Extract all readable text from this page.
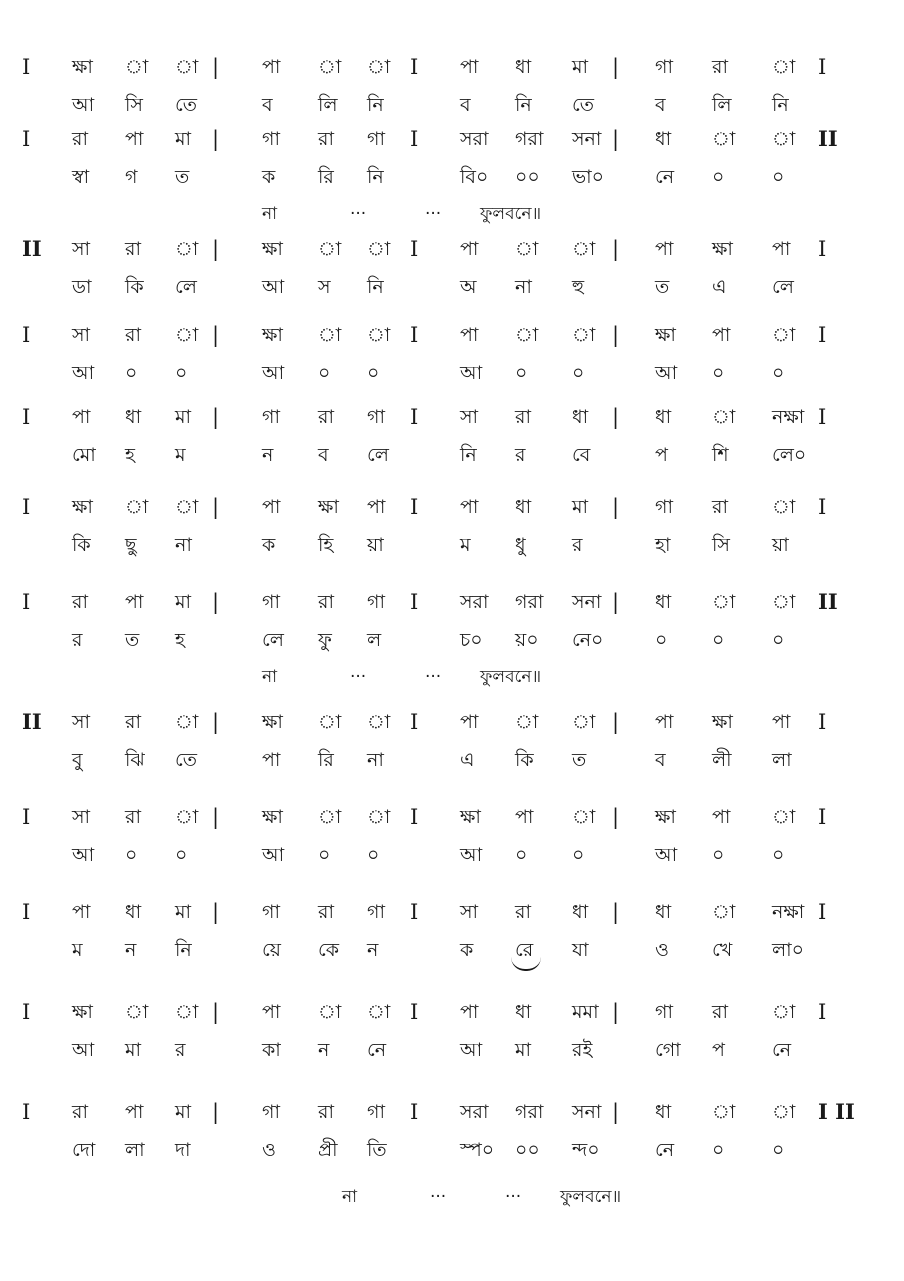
I ক্ষা া া | পা া া I পা ধা মা | গা রা া I
আ সি তে	ব লি নি	ব নি তে	ব লি নি
I রা পা মা | গা রা গা I সরা গরা সনা | ধা া া II
স্বা গ ত	ক রি নি	বি০ ০০ ভা০	নে ০	০
না	···	··· ফুলবনে॥
II সা রা া | ক্ষা া া I পা া া | পা ক্ষা পা I
ডা কি লে	আ স নি	অ না হু	ত এ লে
I সা রা া | ক্ষা া া I পা া া | ক্ষা পা া I
আ ০ ০	আ ০ ০	আ ০ ০	আ ০	০
I পা ধা মা | গা রা গা I সা রা ধা | ধা া নক্ষা I
মো হ ম	ন ব লে	নি র বে	প শি লে০
I ক্ষা া া | পা ক্ষা পা I পা ধা মা | গা রা া I
কি ছু না	ক হি য়া	ম ধু র	হা সি য়া
I রা পা মা | গা রা গা I সরা গরা সনা | ধা া া II
র ত হ	লে ফু ল	চ০ য়০ নে০	০ ০	০
না	···	··· ফুলবনে॥
II সা রা া | ক্ষা া া I পা া া | পা ক্ষা পা I
বু ঝি তে	পা রি না	এ কি ত	ব লী লা
I সা রা া | ক্ষা া া I ক্ষা পা া | ক্ষা পা া I
আ ০ ০	আ ০ ০	আ ০ ০	আ ০	০
I পা ধা মা | গা রা গা I সা রা ধা | ধা া নক্ষা I
ম ন নি	য়ে কে ন	ক রে যা	ও খে লা০
I ক্ষা া া | পা া া I পা ধা মমা | গা রা া I
আ মা র	কা ন নে	আ মা রই	গো প নে
I রা পা মা | গা রা গা I সরা গরা সনা | ধা া া I II
দো লা দা	ও প্রী তি	স্প০ ০০ ন্দ০	নে ০	০
না	···	··· ফুলবনে॥
